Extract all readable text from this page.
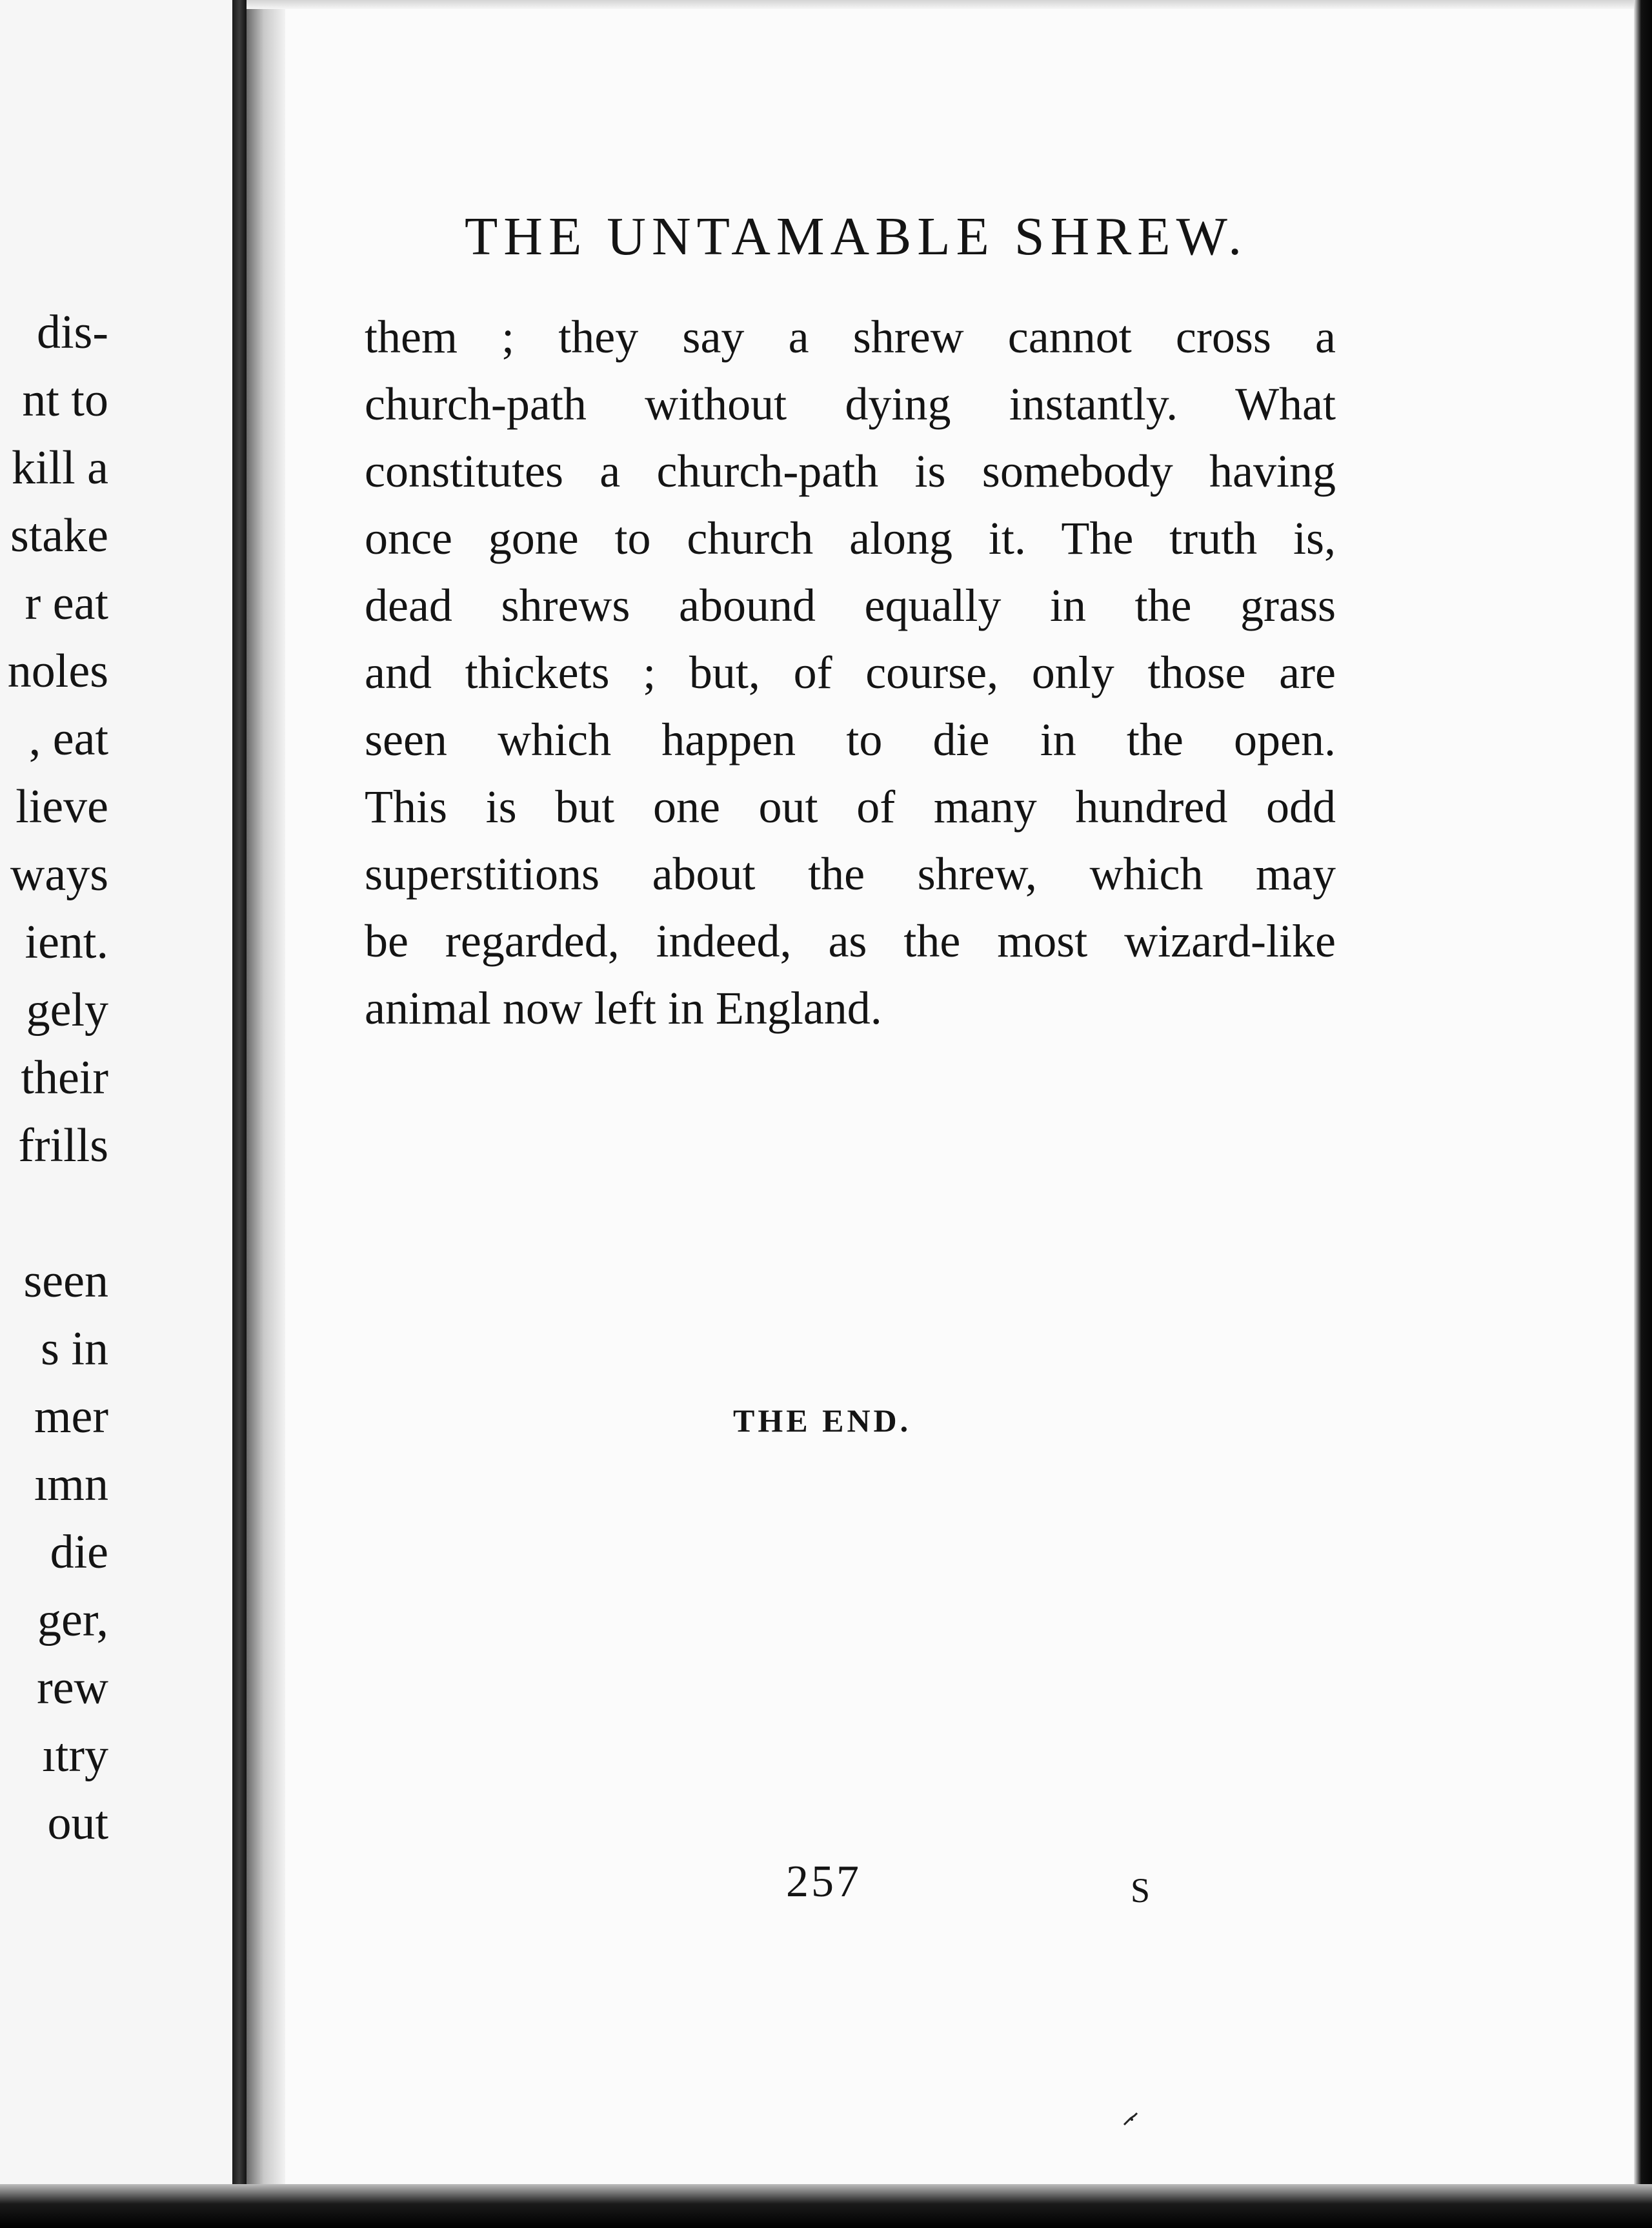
dis-
nt to
kill a
stake
r eat
noles
, eat
lieve
ways
ient.
gely
their
frills
seen
s in
mer
ımn
die
ger,
rew
ıtry
out
THE UNTAMABLE SHREW.
them ; they say a shrew cannot cross a
church-path without dying instantly. What
constitutes a church-path is somebody having
once gone to church along it. The truth is,
dead shrews abound equally in the grass
and thickets ; but, of course, only those are
seen which happen to die in the open.
This is but one out of many hundred odd
superstitions about the shrew, which may
be regarded, indeed, as the most wizard-like
animal now left in England.
THE END.
257	S
